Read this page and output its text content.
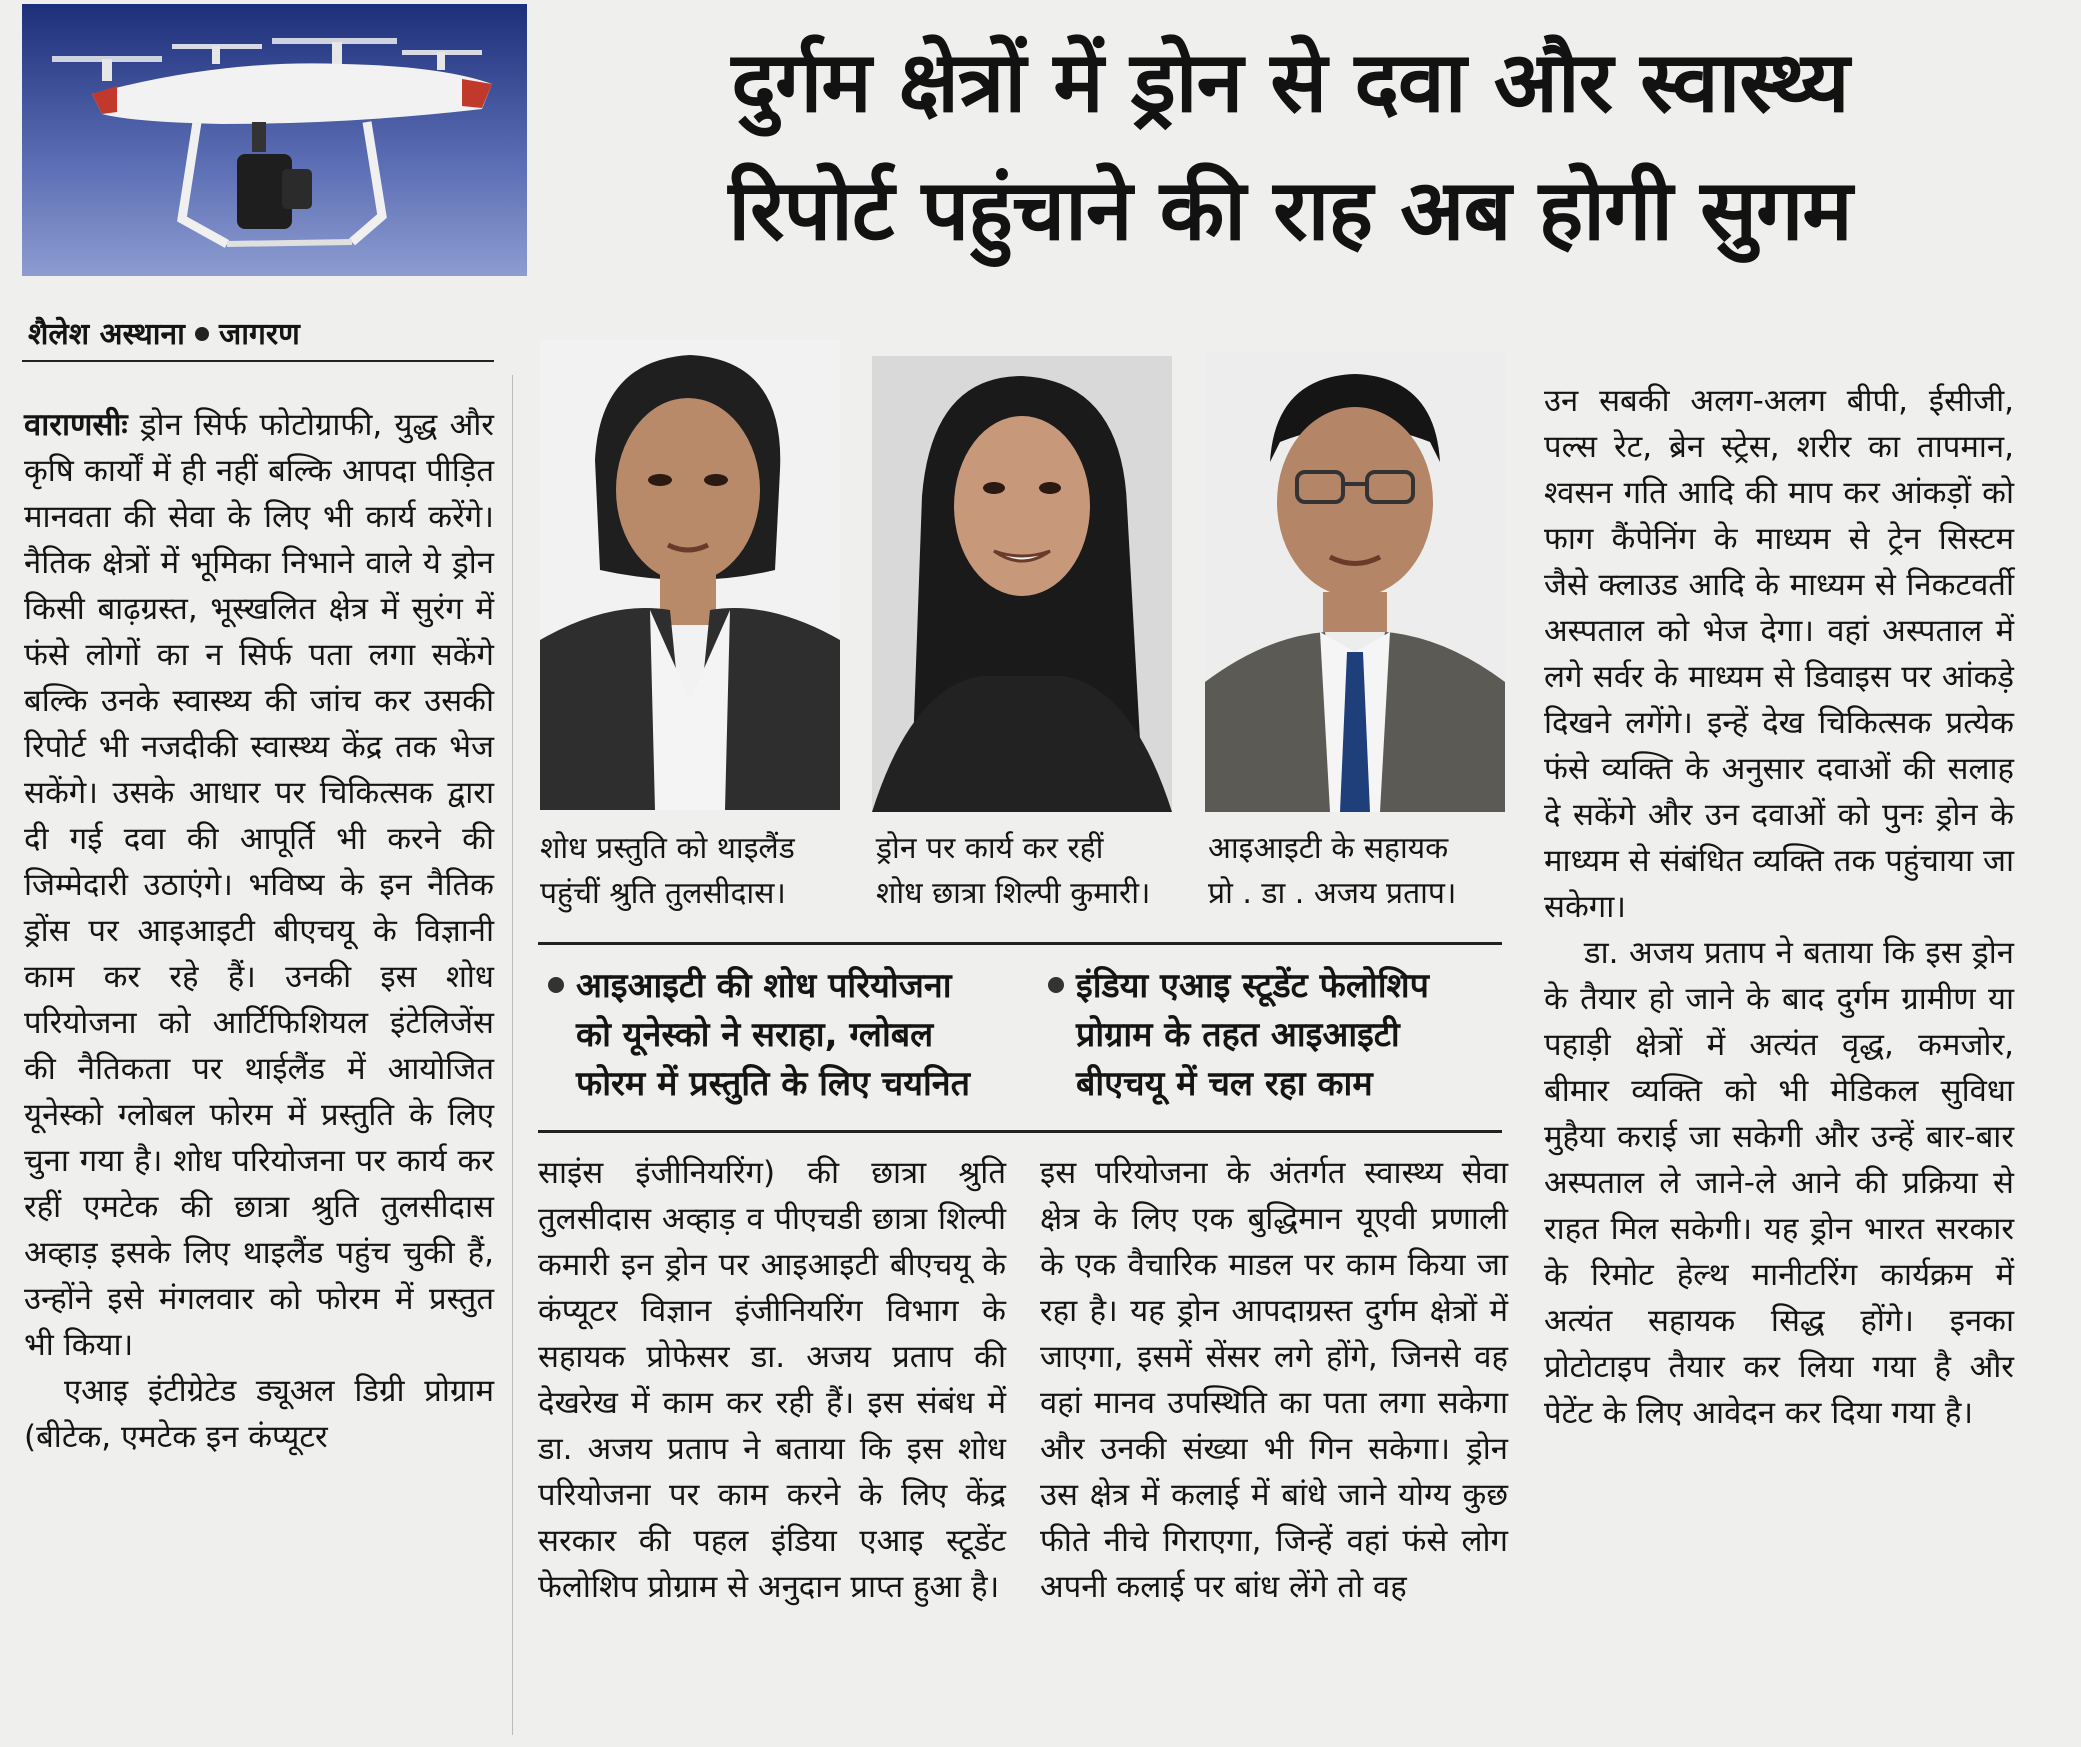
दुर्गम क्षेत्रों में ड्रोन से दवा और स्वास्थ्य
रिपोर्ट पहुंचाने की राह अब होगी सुगम
शैलेश अस्थाना जागरण

वाराणसीः ड्रोन सिर्फ फोटोग्राफी, युद्ध और कृषि कार्यों में ही नहीं बल्कि आपदा पीड़ित मानवता की सेवा के लिए भी कार्य करेंगे। नैतिक क्षेत्रों में भूमिका निभाने वाले ये ड्रोन किसी बाढ़ग्रस्त, भूस्खलित क्षेत्र में सुरंग में फंसे लोगों का न सिर्फ पता लगा सकेंगे बल्कि उनके स्वास्थ्य की जांच कर उसकी रिपोर्ट भी नजदीकी स्वास्थ्य केंद्र तक भेज सकेंगे। उसके आधार पर चिकित्सक द्वारा दी गई दवा की आपूर्ति भी करने की जिम्मेदारी उठाएंगे। भविष्य के इन नैतिक ड्रोंस पर आइआइटी बीएचयू के विज्ञानी काम कर रहे हैं। उनकी इस शोध परियोजना को आर्टिफिशियल इंटेलिजेंस की नैतिकता पर थाईलैंड में आयोजित यूनेस्को ग्लोबल फोरम में प्रस्तुति के लिए चुना गया है। शोध परियोजना पर कार्य कर रहीं एमटेक की छात्रा श्रुति तुलसीदास अव्हाड़ इसके लिए थाइलैंड पहुंच चुकी हैं, उन्होंने इसे मंगलवार को फोरम में प्रस्तुत भी किया।

एआइ इंटीग्रेटेड ड्यूअल डिग्री प्रोग्राम (बीटेक, एमटेक इन कंप्यूटर

शोध प्रस्तुति को थाइलैंड
पहुंचीं श्रुति तुलसीदास।
ड्रोन पर कार्य कर रहीं
शोध छात्रा शिल्पी कुमारी।
आइआइटी के सहायक
प्रो . डा . अजय प्रताप।
आइआइटी की शोध परियोजना
को यूनेस्को ने सराहा, ग्लोबल
फोरम में प्रस्तुति के लिए चयनित
इंडिया एआइ स्टूडेंट फेलोशिप
प्रोग्राम के तहत आइआइटी
बीएचयू में चल रहा काम

साइंस इंजीनियरिंग) की छात्रा श्रुति तुलसीदास अव्हाड़ व पीएचडी छात्रा शिल्पी कमारी इन ड्रोन पर आइआइटी बीएचयू के कंप्यूटर विज्ञान इंजीनियरिंग विभाग के सहायक प्रोफेसर डा. अजय प्रताप की देखरेख में काम कर रही हैं। इस संबंध में डा. अजय प्रताप ने बताया कि इस शोध परियोजना पर काम करने के लिए केंद्र सरकार की पहल इंडिया एआइ स्टूडेंट फेलोशिप प्रोग्राम से अनुदान प्राप्त हुआ है।

इस परियोजना के अंतर्गत स्वास्थ्य सेवा क्षेत्र के लिए एक बुद्धिमान यूएवी प्रणाली के एक वैचारिक माडल पर काम किया जा रहा है। यह ड्रोन आपदाग्रस्त दुर्गम क्षेत्रों में जाएगा, इसमें सेंसर लगे होंगे, जिनसे वह वहां मानव उपस्थिति का पता लगा सकेगा और उनकी संख्या भी गिन सकेगा। ड्रोन उस क्षेत्र में कलाई में बांधे जाने योग्य कुछ फीते नीचे गिराएगा, जिन्हें वहां फंसे लोग अपनी कलाई पर बांध लेंगे तो वह

उन सबकी अलग-अलग बीपी, ईसीजी, पल्स रेट, ब्रेन स्ट्रेस, शरीर का तापमान, श्वसन गति आदि की माप कर आंकड़ों को फाग कैंपेनिंग के माध्यम से ट्रेन सिस्टम जैसे क्लाउड आदि के माध्यम से निकटवर्ती अस्पताल को भेज देगा। वहां अस्पताल में लगे सर्वर के माध्यम से डिवाइस पर आंकड़े दिखने लगेंगे। इन्हें देख चिकित्सक प्रत्येक फंसे व्यक्ति के अनुसार दवाओं की सलाह दे सकेंगे और उन दवाओं को पुनः ड्रोन के माध्यम से संबंधित व्यक्ति तक पहुंचाया जा सकेगा।

डा. अजय प्रताप ने बताया कि इस ड्रोन के तैयार हो जाने के बाद दुर्गम ग्रामीण या पहाड़ी क्षेत्रों में अत्यंत वृद्ध, कमजोर, बीमार व्यक्ति को भी मेडिकल सुविधा मुहैया कराई जा सकेगी और उन्हें बार-बार अस्पताल ले जाने-ले आने की प्रक्रिया से राहत मिल सकेगी। यह ड्रोन भारत सरकार के रिमोट हेल्थ मानीटरिंग कार्यक्रम में अत्यंत सहायक सिद्ध होंगे। इनका प्रोटोटाइप तैयार कर लिया गया है और पेटेंट के लिए आवेदन कर दिया गया है।
